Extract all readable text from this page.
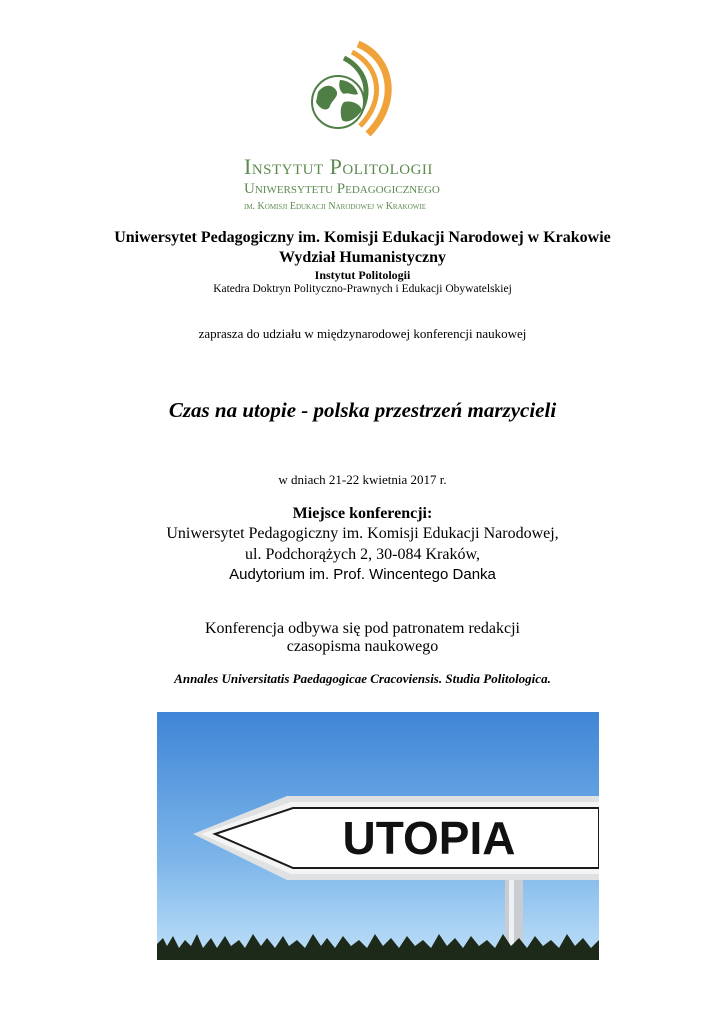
Instytut Politologii
Uniwersytetu Pedagogicznego
im. Komisji Edukacji Narodowej w Krakowie
Uniwersytet Pedagogiczny im. Komisji Edukacji Narodowej w Krakowie
Wydział Humanistyczny
Instytut Politologii
Katedra Doktryn Polityczno-Prawnych i Edukacji Obywatelskiej
zaprasza do udziału w międzynarodowej konferencji naukowej
Czas na utopie - polska przestrzeń marzycieli
w dniach 21-22 kwietnia 2017 r.
Miejsce konferencji:
Uniwersytet Pedagogiczny im. Komisji Edukacji Narodowej,
ul. Podchorążych 2, 30-084 Kraków,
Audytorium im. Prof. Wincentego Danka
Konferencja odbywa się pod patronatem redakcji
czasopisma naukowego
Annales Universitatis Paedagogicae Cracoviensis. Studia Politologica.
UTOPIA
